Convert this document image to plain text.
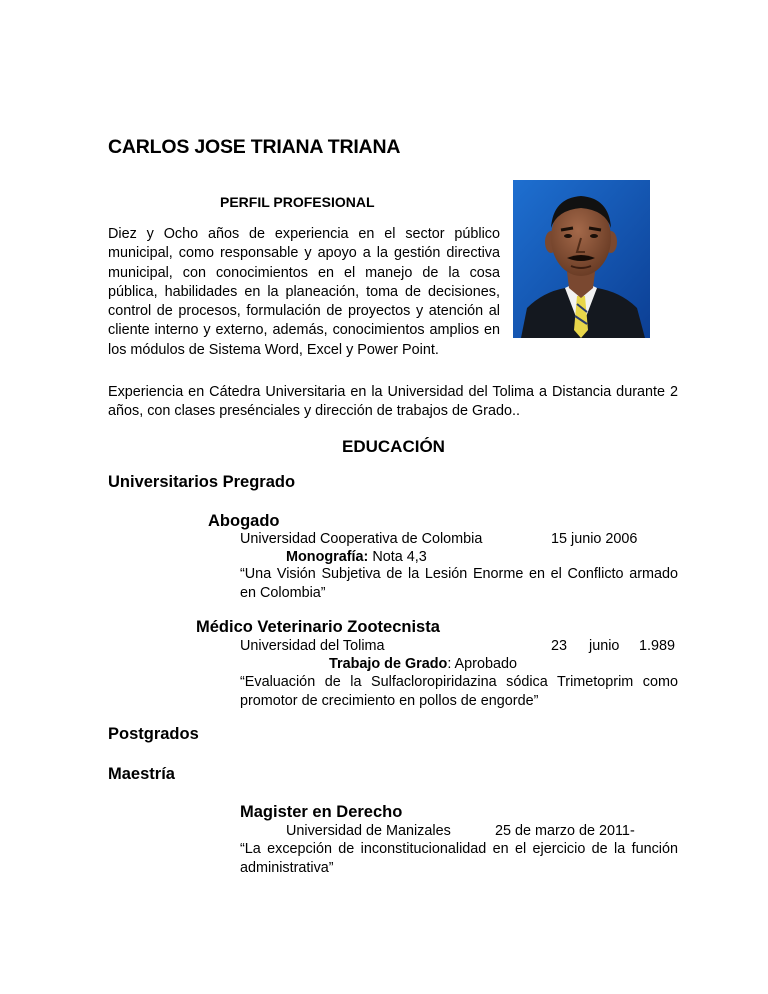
CARLOS JOSE TRIANA TRIANA
PERFIL PROFESIONAL
Diez y Ocho años de experiencia en el sector público municipal, como responsable y apoyo a la gestión directiva municipal, con conocimientos en el manejo de la cosa pública, habilidades en la planeación, toma de decisiones, control de procesos, formulación de proyectos y atención al cliente interno y externo, además, conocimientos amplios en los módulos de Sistema Word, Excel y Power Point.
Experiencia en Cátedra Universitaria en la Universidad del Tolima a Distancia durante 2 años, con clases presénciales y dirección de trabajos de Grado..
EDUCACIÓN
Universitarios Pregrado
Abogado
Universidad Cooperativa de Colombia	15 junio 2006
Monografía: Nota 4,3
“Una Visión Subjetiva de la Lesión Enorme en el Conflicto armado en Colombia”
Médico Veterinario Zootecnista
Universidad del Tolima	23 junio 1.989
Trabajo de Grado: Aprobado
“Evaluación de la Sulfacloropiridazina sódica Trimetoprim como promotor de crecimiento en pollos de engorde”
Postgrados
Maestría
Magister en Derecho
Universidad de Manizales	25 de marzo de 2011-
“La excepción de inconstitucionalidad en el ejercicio de la función administrativa”
